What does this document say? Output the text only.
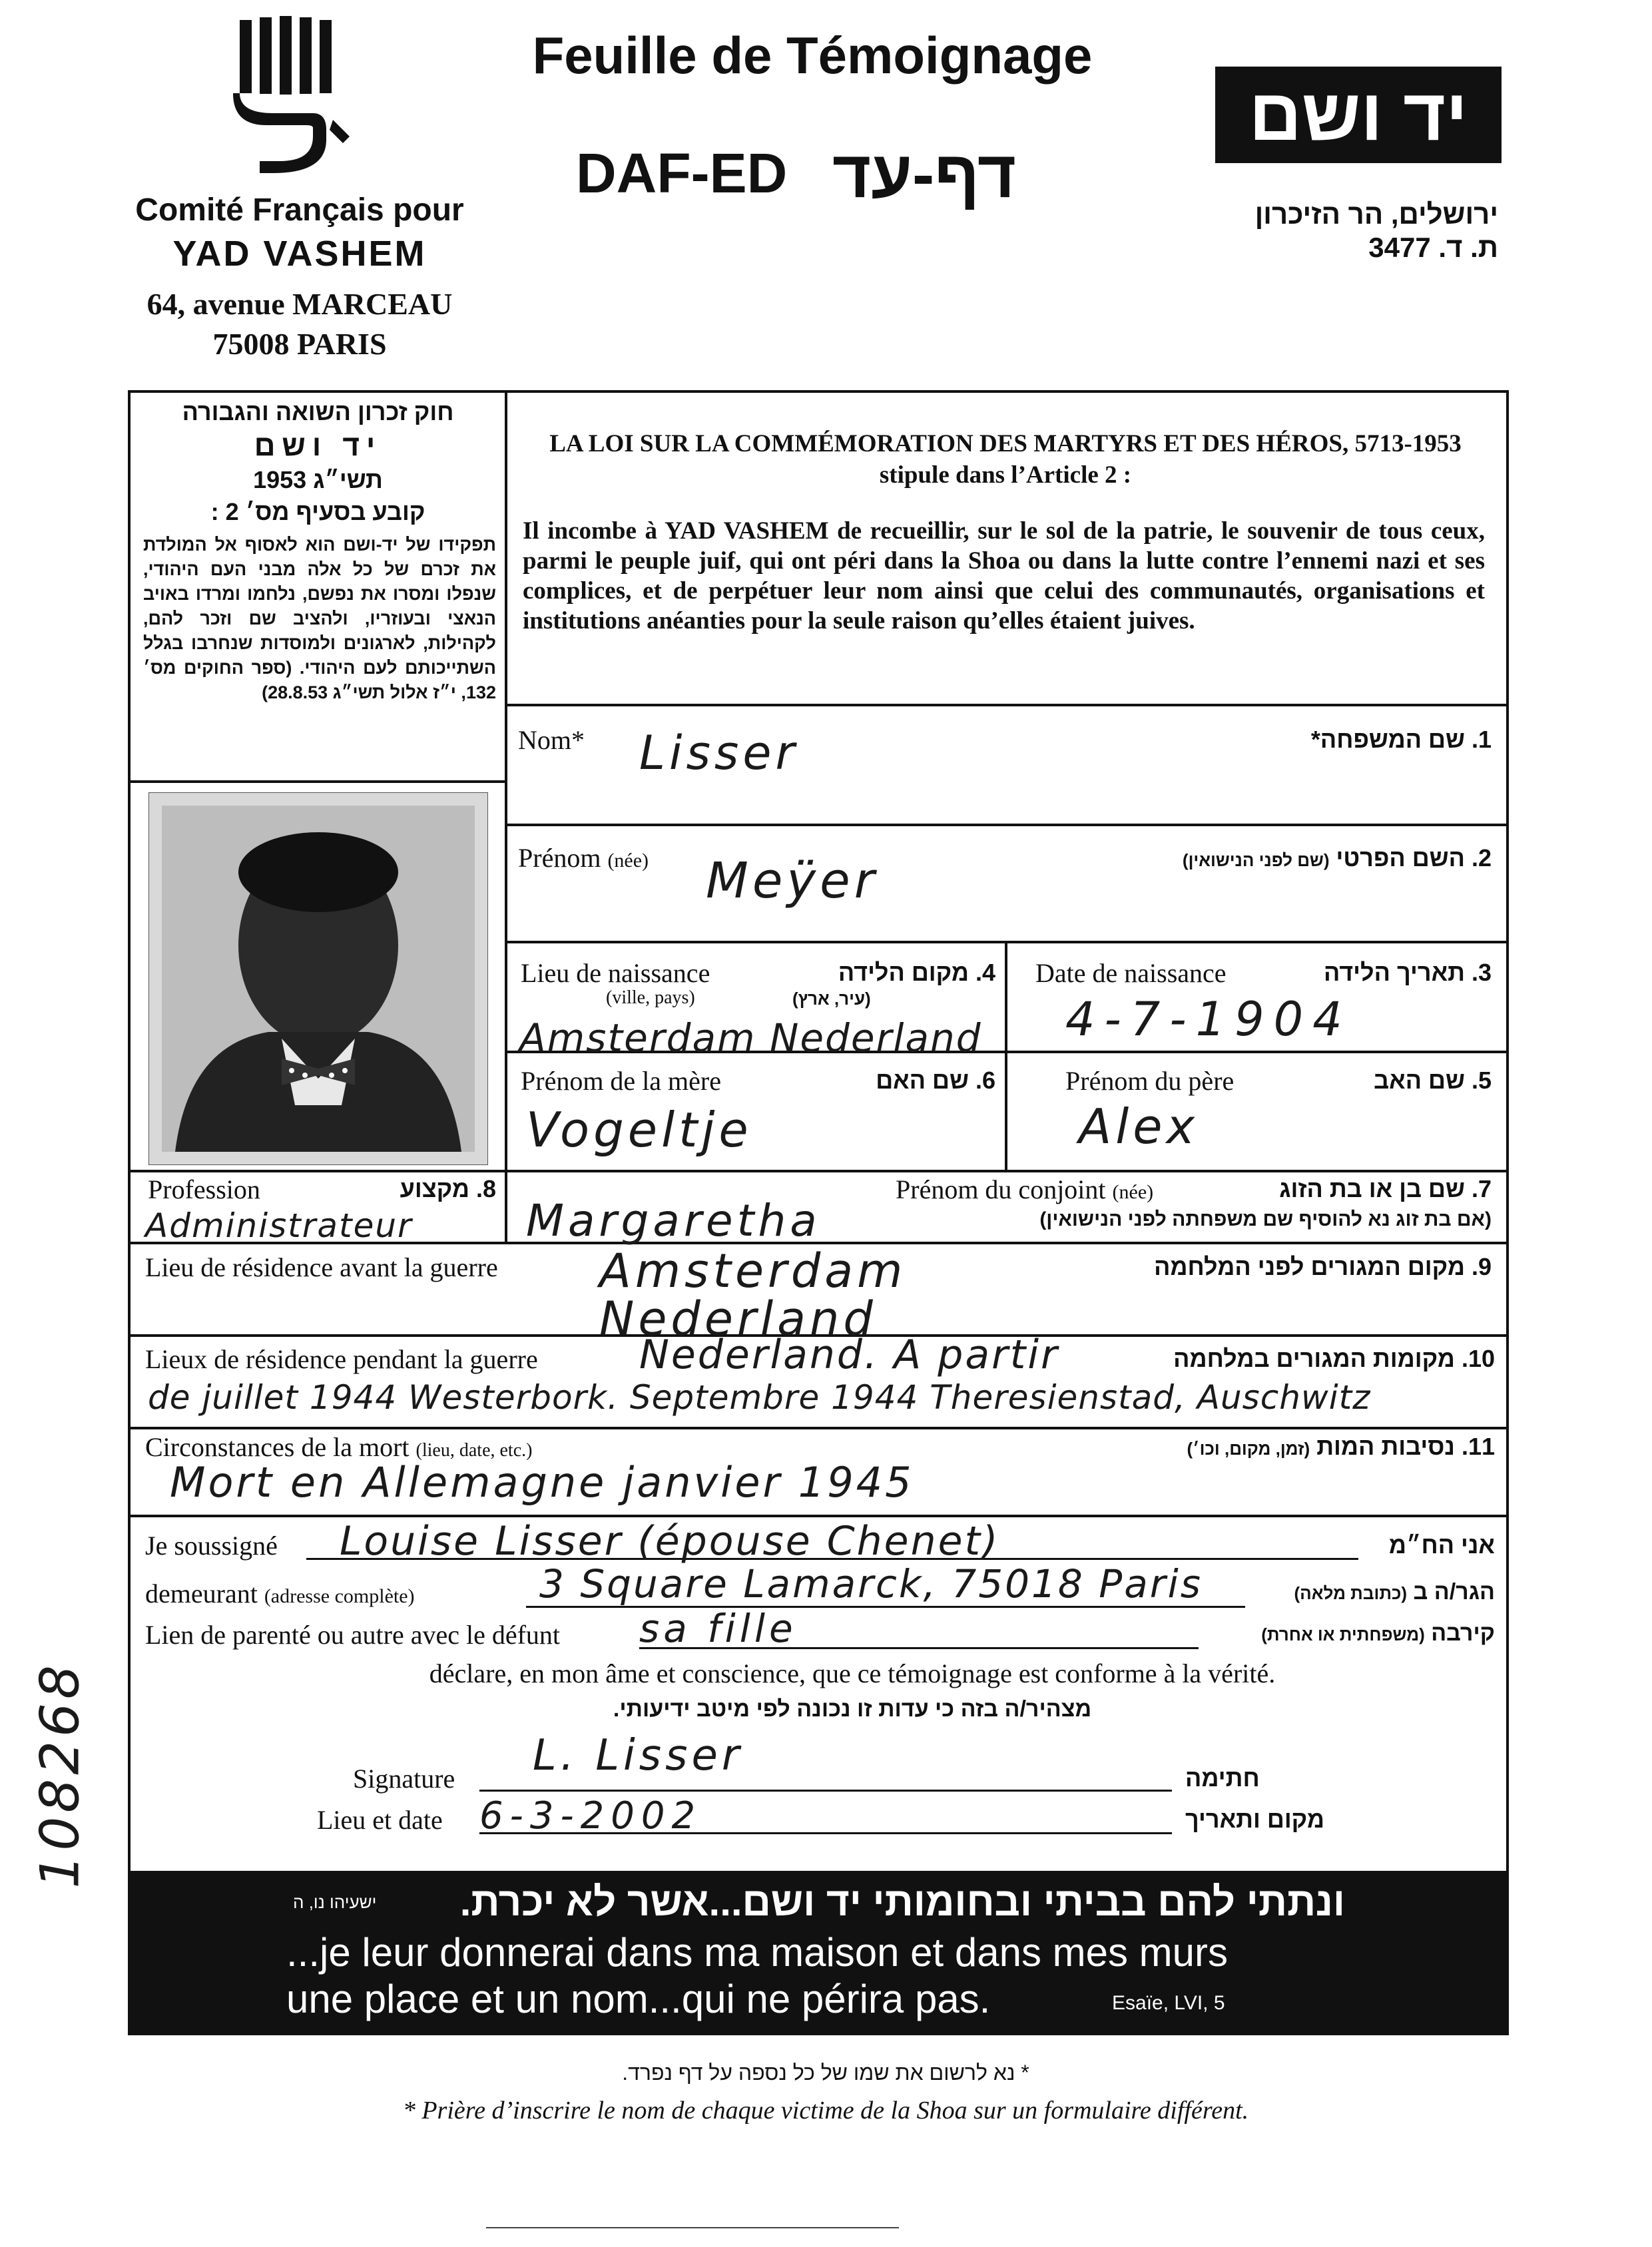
Comité Français pour
YAD VASHEM
64, avenue MARCEAU
75008 PARIS
Feuille de Témoignage
DAF-ED דף-עד
יד ושם
ירושלים, הר הזיכרון
ת. ד. 3477
חוק זכרון השואה והגבורה
יד ושם
תשי״ג 1953
קובע בסעיף מס׳ 2 :
תפקידו של יד-ושם הוא לאסוף אל המולדת את זכרם של כל אלה מבני העם היהודי, שנפלו ומסרו את נפשם, נלחמו ומרדו באויב הנאצי ובעוזריו, ולהציב שם וזכר להם, לקהילות, לארגונים ולמוסדות שנחרבו בגלל השתייכותם לעם היהודי. (ספר החוקים מס׳ 132, י״ז אלול תשי״ג 28.8.53)
LA LOI SUR LA COMMÉMORATION DES MARTYRS ET DES HÉROS, 5713-1953
stipule dans l’Article 2 :
Il incombe à YAD VASHEM de recueillir, sur le sol de la patrie, le souvenir de tous ceux, parmi le peuple juif, qui ont péri dans la Shoa ou dans la lutte contre l’ennemi nazi et ses complices, et de perpétuer leur nom ainsi que celui des communautés, organisations et institutions anéanties pour la seule raison qu’elles étaient juives.
Nom*	1. שם המשפחה*
Lisser
Prénom (née)	2. השם הפרטי (שם לפני הנישואין)
Meÿer
Lieu de naissance
(ville, pays)
4. מקום הלידה
(עיר, ארץ)
Amsterdam Nederland
Date de naissance	3. תאריך הלידה
4-7-1904
Prénom de la mère	6. שם האם
Vogeltje
Prénom du père	5. שם האב
Alex
Profession	8. מקצוע
Administrateur
Prénom du conjoint (née)	7. שם בן או בת הזוג
(אם בת זוג נא להוסיף שם משפחתה לפני הנישואין)
Margaretha
Lieu de résidence avant la guerre	9. מקום המגורים לפני המלחמה
Amsterdam
Nederland
Lieux de résidence pendant la guerre	10. מקומות המגורים במלחמה
Nederland. A partir
de juillet 1944 Westerbork. Septembre 1944 Theresienstad, Auschwitz
Circonstances de la mort (lieu, date, etc.)	11. נסיבות המות (זמן, מקום, וכו׳)
Mort en Allemagne janvier 1945
Je soussigné Louise Lisser (épouse Chenet)	אני הח״מ
demeurant (adresse complète)	3 Square Lamarck, 75018 Paris	הגר/ה ב (כתובת מלאה)
Lien de parenté ou autre avec le défunt sa fille	קירבה (משפחתית או אחרת)
déclare, en mon âme et conscience, que ce témoignage est conforme à la vérité.
מצהיר/ה בזה כי עדות זו נכונה לפי מיטב ידיעותי.
Signature L. Lisser	חתימה
Lieu et date 6-3-2002	מקום ותאריך
108268
ונתתי להם בביתי ובחומותי יד ושם...אשר לא יכרת.
ישעיהו נו, ה
...je leur donnerai dans ma maison et dans mes murs
une place et un nom...qui ne périra pas.	Esaïe, LVI, 5
* נא לרשום את שמו של כל נספה על דף נפרד.
* Prière d’inscrire le nom de chaque victime de la Shoa sur un formulaire différent.
